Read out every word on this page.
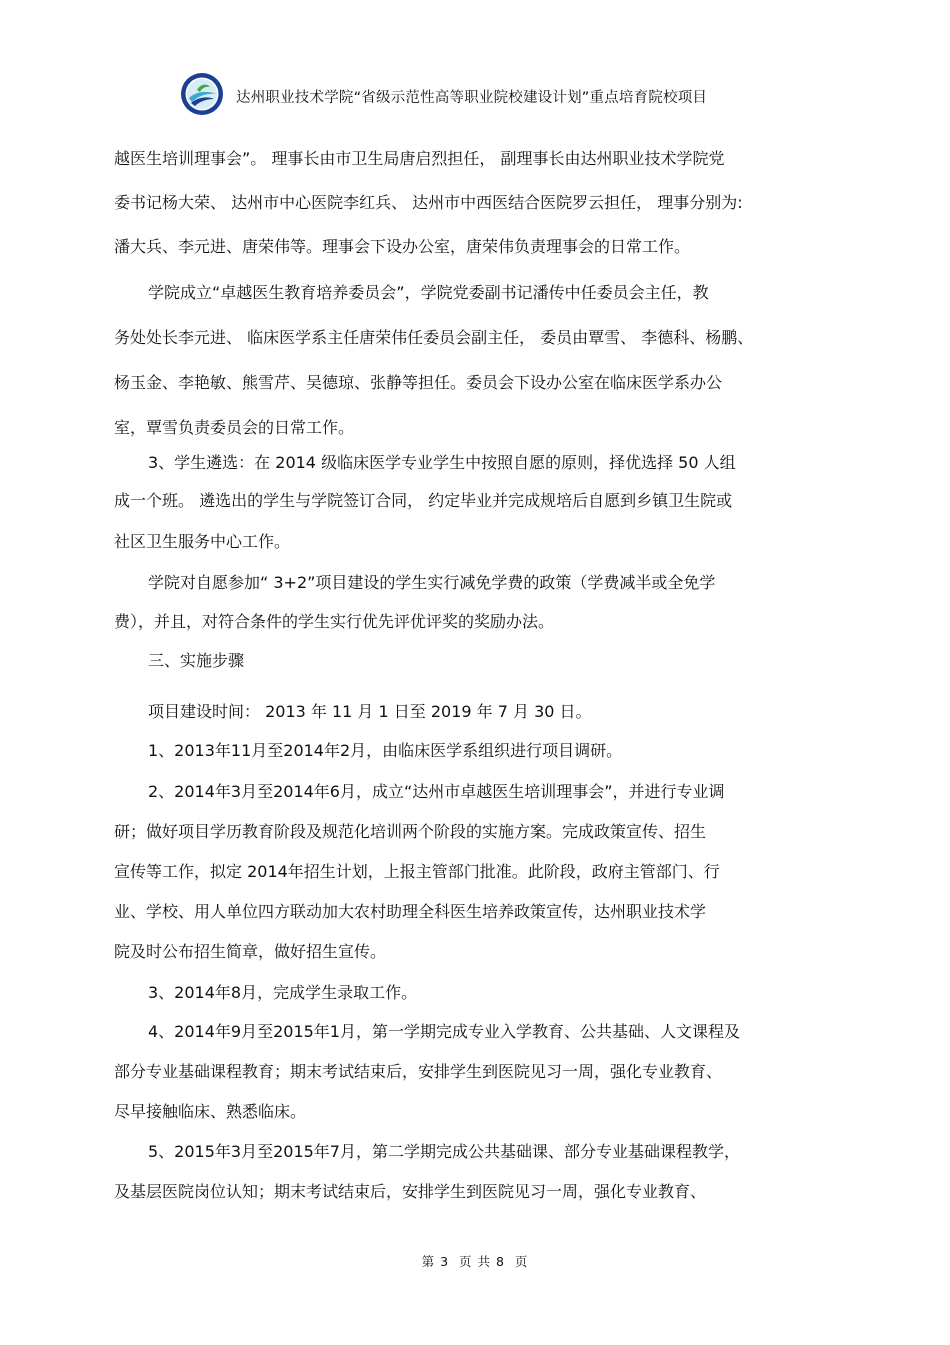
达州职业技术学院“省级示范性高等职业院校建设计划”重点培育院校项目
越医生培训理事会”。 理事长由市卫生局唐启烈担任， 副理事长由达州职业技术学院党
委书记杨大荣、 达州市中心医院李红兵、 达州市中西医结合医院罗云担任， 理事分别为:
潘大兵、李元进、唐荣伟等。理事会下设办公室，唐荣伟负责理事会的日常工作。
学院成立“卓越医生教育培养委员会”，学院党委副书记潘传中任委员会主任，教
务处处长李元进、 临床医学系主任唐荣伟任委员会副主任， 委员由覃雪、 李德科、杨鹏、
杨玉金、李艳敏、熊雪芹、吴德琼、张静等担任。委员会下设办公室在临床医学系办公
室，覃雪负责委员会的日常工作。
3、学生遴选：在 2014 级临床医学专业学生中按照自愿的原则，择优选择 50 人组
成一个班。 遴选出的学生与学院签订合同， 约定毕业并完成规培后自愿到乡镇卫生院或
社区卫生服务中心工作。
学院对自愿参加“ 3+2”项目建设的学生实行减免学费的政策（学费减半或全免学
费），并且，对符合条件的学生实行优先评优评奖的奖励办法。
三、实施步骤
项目建设时间： 2013 年 11 月 1 日至 2019 年 7 月 30 日。
1、2013年11月至2014年2月，由临床医学系组织进行项目调研。
2、2014年3月至2014年6月，成立“达州市卓越医生培训理事会”，并进行专业调
研；做好项目学历教育阶段及规范化培训两个阶段的实施方案。完成政策宣传、招生
宣传等工作，拟定 2014年招生计划，上报主管部门批准。此阶段，政府主管部门、行
业、学校、用人单位四方联动加大农村助理全科医生培养政策宣传，达州职业技术学
院及时公布招生简章，做好招生宣传。
3、2014年8月，完成学生录取工作。
4、2014年9月至2015年1月，第一学期完成专业入学教育、公共基础、人文课程及
部分专业基础课程教育；期末考试结束后，安排学生到医院见习一周，强化专业教育、
尽早接触临床、熟悉临床。
5、2015年3月至2015年7月，第二学期完成公共基础课、部分专业基础课程教学，
及基层医院岗位认知；期末考试结束后，安排学生到医院见习一周，强化专业教育、
第 3  页 共 8  页
